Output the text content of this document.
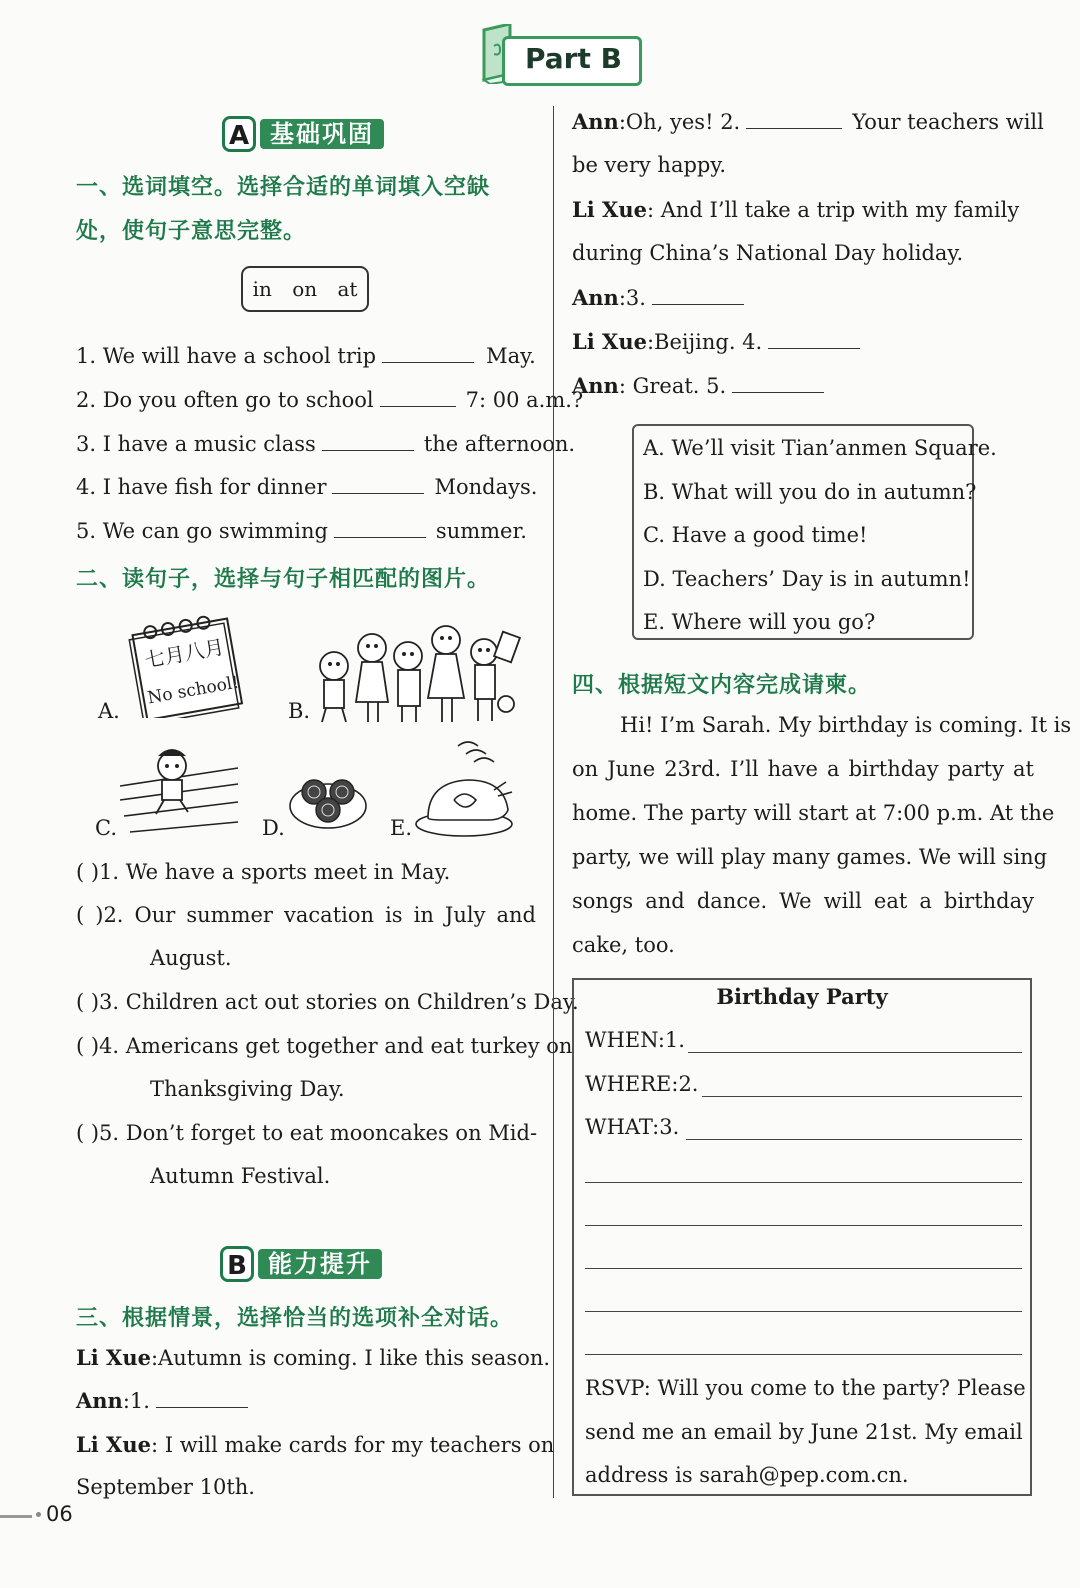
Part B
A 基础巩固
一、选词填空。选择合适的单词填入空缺
处，使句子意思完整。
in on at
1. We will have a school trip	May.
2. Do you often go to school	7: 00 a.m.?
3. I have a music class	the afternoon.
4. I have fish for dinner	Mondays.
5. We can go swimming	summer.
二、读句子，选择与句子相匹配的图片。
七月八月
No school!
A.	B.
C.	D.	E.
( )1. We have a sports meet in May.
( )2. Our summer vacation is in July and
August.
( )3. Children act out stories on Children’s Day.
( )4. Americans get together and eat turkey on
Thanksgiving Day.
( )5. Don’t forget to eat mooncakes on Mid-
Autumn Festival.
B 能力提升
三、根据情景，选择恰当的选项补全对话。
Li Xue:Autumn is coming. I like this season.
Ann:1.
Li Xue: I will make cards for my teachers on
September 10th.
Ann:Oh, yes! 2.	Your teachers will
be very happy.
Li Xue: And I’ll take a trip with my family
during China’s National Day holiday.
Ann:3.
Li Xue:Beijing. 4.
Ann: Great. 5.
A. We’ll visit Tian’anmen Square.
B. What will you do in autumn?
C. Have a good time!
D. Teachers’ Day is in autumn!
E. Where will you go?
四、根据短文内容完成请柬。
Hi! I’m Sarah. My birthday is coming. It is
on June 23rd. I’ll have a birthday party at
home. The party will start at 7:00 p.m. At the
party, we will play many games. We will sing
songs and dance. We will eat a birthday
cake, too.
Birthday Party
WHEN:1.
WHERE:2.
WHAT:3.
RSVP: Will you come to the party? Please
send me an email by June 21st. My email
address is sarah@pep.com.cn.
06
